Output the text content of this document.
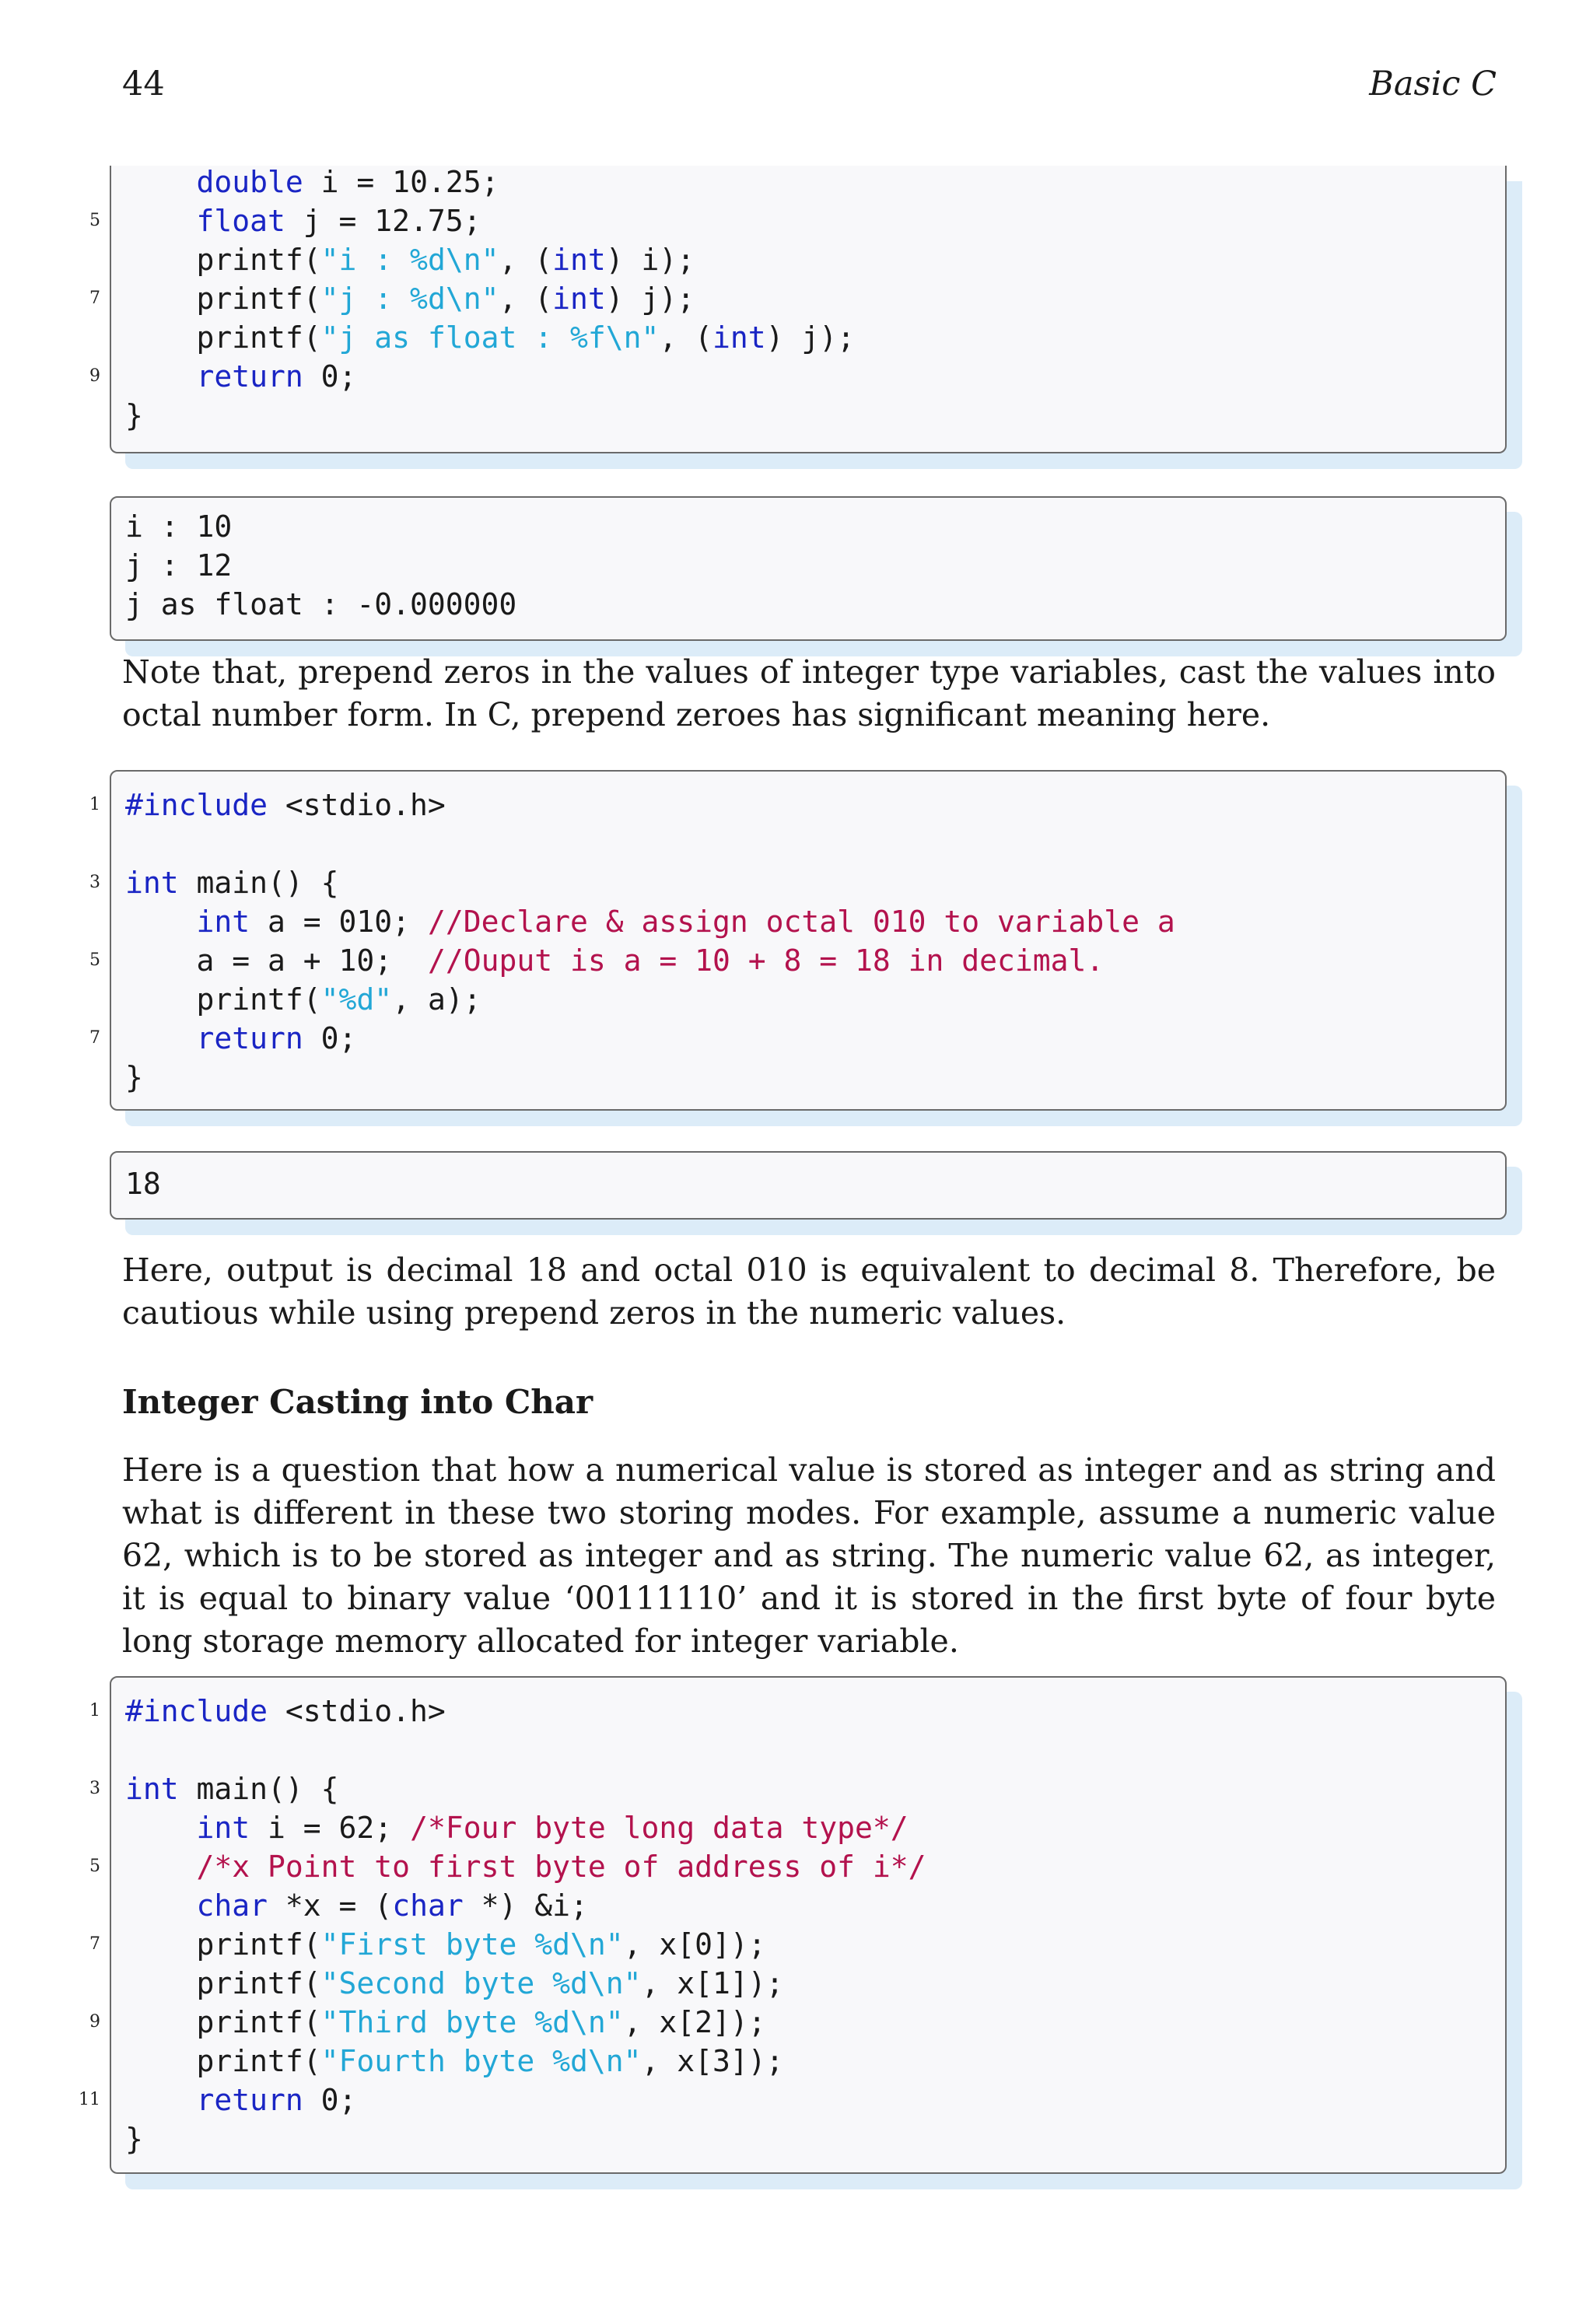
44	Basic C
double i = 10.25;
5	float j = 12.75;
printf("i : %d\n", (int) i);
7 printf("j : %d\n", (int) j);
printf("j as float : %f\n", (int) j);
9	return 0;
}
i : 10
j : 12
j as float : -0.000000

Note that, prepend zeros in the values of integer type variables, cast the values into octal number form. In C, prepend zeroes has significant meaning here.

1 #include <stdio.h>
3 int main() {
int a = 010; //Declare & assign octal 010 to variable a
5 a = a + 10;  //Ouput is a = 10 + 8 = 18 in decimal.
printf("%d", a);
7	return 0;
}
18

Here, output is decimal 18 and octal 010 is equivalent to decimal 8. Therefore, be cautious while using prepend zeros in the numeric values.

Integer Casting into Char

Here is a question that how a numerical value is stored as integer and as string and what is different in these two storing modes. For example, assume a numeric value 62, which is to be stored as integer and as string. The numeric value 62, as integer, it is equal to binary value ‘00111110’ and it is stored in the first byte of four byte long storage memory allocated for integer variable.

1 #include <stdio.h>
3 int main() {
int i = 62; /*Four byte long data type*/
5	/*x Point to first byte of address of i*/
char *x = (char *) &i;
7 printf("First byte %d\n", x[0]);
printf("Second byte %d\n", x[1]);
9 printf("Third byte %d\n", x[2]);
printf("Fourth byte %d\n", x[3]);
11	return 0;
}
